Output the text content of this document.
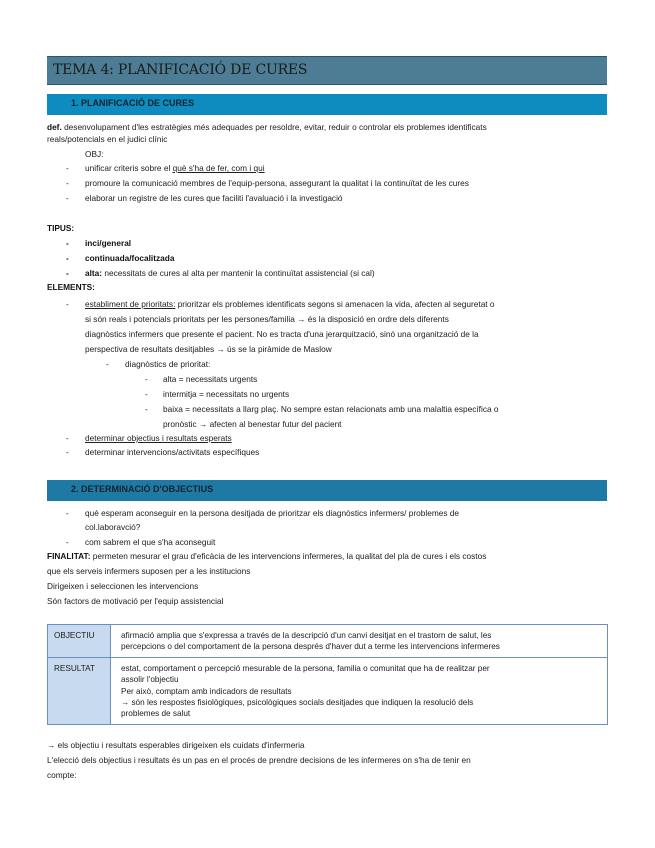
TEMA 4: PLANIFICACIÓ DE CURES
1. PLANIFICACIÓ DE CURES
def. desenvolupament d'les estratègies més adequades per resoldre, evitar, reduir o controlar els problemes identificats
reals/potencials en el judici clínic
OBJ:
- unificar criteris sobre el què s'ha de fer, com i qui
- promoure la comunicació membres de l'equip-persona, assegurant la qualitat i la continuïtat de les cures
- elaborar un registre de les cures que faciliti l'avaluació i la investigació
TIPUS:
- inci/general
- continuada/focalitzada
- alta: necessitats de cures al alta per mantenir la continuïtat assistencial (si cal)
ELEMENTS:
- establiment de prioritats: prioritzar els problemes identificats segons si amenacen la vida, afecten al seguretat o
si són reals i potencials prioritats per les persones/familia → és la disposició en ordre dels diferents
diagnòstics infermers que presente el pacient. No es tracta d'una jerarquització, sinó una organització de la
perspectiva de resultats desitjables → ús se la piràmide de Maslow
- diagnòstics de prioritat:
- alta = necessitats urgents
- intermitja = necessitats no urgents
- baixa = necessitats a llarg plaç. No sempre estan relacionats amb una malaltia específica o
pronòstic → afecten al benestar futur del pacient
- determinar objectius i resultats esperats
- determinar intervencions/activitats específiques
2. DETERMINACIÓ D'OBJECTIUS
- què esperam aconseguir en la persona desitjada de prioritzar els diagnòstics infermers/ problemes de
col.laboravció?
- com sabrem el que s'ha aconseguit
FINALITAT: permeten mesurar el grau d'eficàcia de les intervencions infermeres, la qualitat del pla de cures i els costos
que els serveis infermers suposen per a les institucions
Dirigeixen i seleccionen les intervencions
Són factors de motivació per l'equip assistencial
OBJECTIU	afirmació amplia que s'expressa a través de la descripció d'un canvi desitjat en el trastorn de salut, les
percepcions o del comportament de la persona després d'haver dut a terme les intervencions infermeres

RESULTAT	estat, comportament o percepció mesurable de la persona, familia o comunitat que ha de realitzar per
assolir l'objectiu
Per això, comptam amb indicadors de resultats
→ són les respostes fisiològiques, psicològiques socials desitjades que indiquen la resolució dels
problemes de salut
→ els objectiu i resultats esperables dirigeixen els cuidats d'infermeria
L'elecció dels objectius i resultats és un pas en el procés de prendre decisions de les infermeres on s'ha de tenir en
compte:
